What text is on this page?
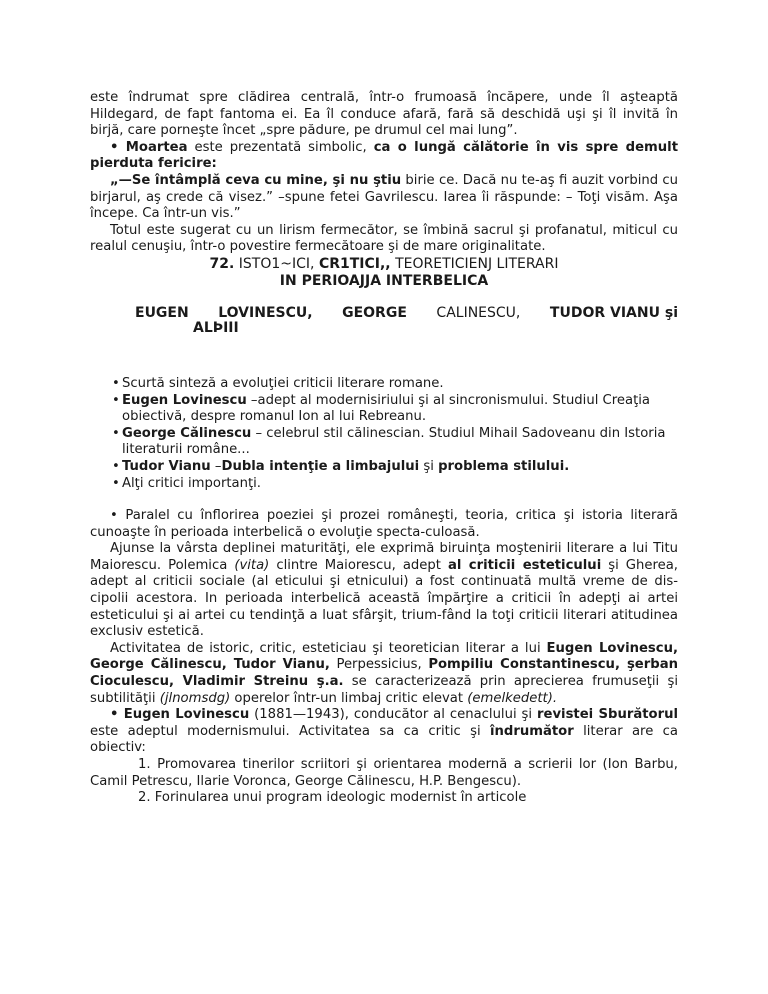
este îndrumat spre clădirea centrală, într-o frumoasă încăpere, unde îl aşteaptă Hildegard, de fapt fantoma ei. Ea îl conduce afară, fară să deschidă uşi şi îl invită în birjă, care porneşte încet „spre pădure, pe drumul cel mai lung”.

• Moartea este prezentată simbolic, ca o lungă călătorie în vis spre demult pierduta fericire:

„—Se întâmplă ceva cu mine, şi nu ştiu birie ce. Dacă nu te-aş fi auzit vorbind cu birjarul, aş crede că visez.” –spune fetei Gavrilescu. Iarea îi răspunde: – Toţi visăm. Aşa începe. Ca într-un vis.”

Totul este sugerat cu un lirism fermecător, se îmbină sacrul şi profanatul, miticul cu realul cenuşiu, într-o povestire fermecătoare şi de mare originalitate.

72. ISTO1~ICI, CR1TICI,, TEORETICIENJ LITERARI

IN PERIOAJJA INTERBELICA

EUGEN LOVINESCU, GEORGE CALINESCU, TUDOR VIANU şi
ALÞIII
• Scurtă sinteză a evoluţiei criticii literare romane.
• Eugen Lovinescu –adept al modernisiriului şi al sincronismului. Studiul Creaţia obiectivă, despre romanul Ion al lui Rebreanu.
• George Călinescu – celebrul stil călinescian. Studiul Mihail Sadoveanu din Istoria literaturii române...
• Tudor Vianu –Dubla intenţie a limbajului şi problema stilului.
• Alţi critici importanţi.

• Paralel cu înflorirea poeziei şi prozei româneşti, teoria, critica şi istoria literară cunoaşte în perioada interbelică o evoluţie specta-culoasă.

Ajunse la vârsta deplinei maturităţi, ele exprimă biruinţa moştenirii literare a lui Titu Maiorescu. Polemica (vita) clintre Maiorescu, adept al criticii esteticului şi Gherea, adept al criticii sociale (al eticului şi etnicului) a fost continuată multă vreme de dis-cipolii acestora. In perioada interbelică această împărţire a criticii în adepţi ai artei esteticului şi ai artei cu tendinţă a luat sfârşit, trium-fând la toţi criticii literari atitudinea exclusiv estetică.

Activitatea de istoric, critic, esteticiau şi teoretician literar a lui Eugen Lovinescu, George Călinescu, Tudor Vianu, Perpessicius, Pompiliu Constantinescu, şerban Cioculescu, Vladimir Streinu ş.a. se caracterizează prin aprecierea frumuseţii şi subtilităţii (jlnomsdg) operelor într-un limbaj critic elevat (emelkedett).

• Eugen Lovinescu (1881—1943), conducător al cenaclului şi revistei Sburătorul este adeptul modernismului. Activitatea sa ca critic şi îndrumător literar are ca obiectiv:

1. Promovarea tinerilor scriitori şi orientarea modernă a scrierii lor (Ion Barbu, Camil Petrescu, Ilarie Voronca, George Călinescu, H.P. Bengescu).

2. Forinularea unui program ideologic modernist în articole
